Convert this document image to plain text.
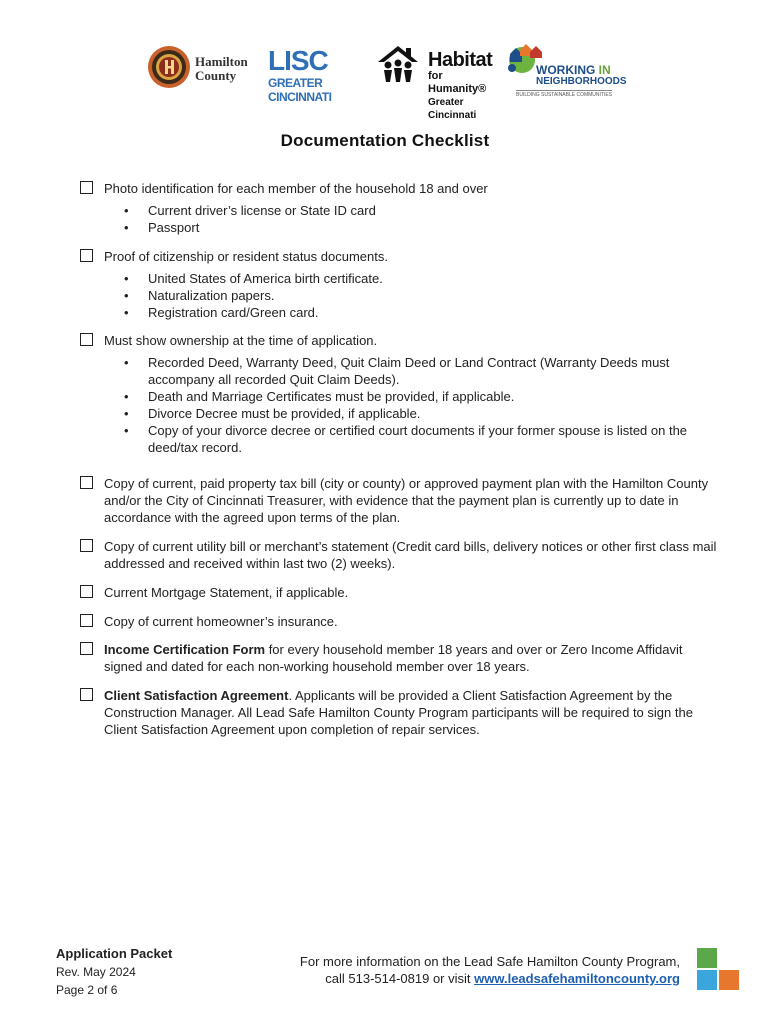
Hamilton
County	LISC
GREATER CINCINNATI
Habitat
for Humanity®
Greater Cincinnati
WORKING IN
NEIGHBORHOODS
BUILDING SUSTAINABLE COMMUNITIES
Documentation Checklist
Photo identification for each member of the household 18 and over
• Current driver’s license or State ID card
• Passport
Proof of citizenship or resident status documents.
• United States of America birth certificate.
• Naturalization papers.
• Registration card/Green card.
Must show ownership at the time of application.
• Recorded Deed, Warranty Deed, Quit Claim Deed or Land Contract (Warranty Deeds must accompany all recorded Quit Claim Deeds).
• Death and Marriage Certificates must be provided, if applicable.
• Divorce Decree must be provided, if applicable.
• Copy of your divorce decree or certified court documents if your former spouse is listed on the deed/tax record.
Copy of current, paid property tax bill (city or county) or approved payment plan with the Hamilton County and/or the City of Cincinnati Treasurer, with evidence that the payment plan is currently up to date in accordance with the agreed upon terms of the plan.
Copy of current utility bill or merchant’s statement (Credit card bills, delivery notices or other first class mail addressed and received within last two (2) weeks).
Current Mortgage Statement, if applicable.
Copy of current homeowner’s insurance.
Income Certification Form for every household member 18 years and over or Zero Income Affidavit signed and dated for each non-working household member over 18 years.
Client Satisfaction Agreement. Applicants will be provided a Client Satisfaction Agreement by the Construction Manager. All Lead Safe Hamilton County Program participants will be required to sign the Client Satisfaction Agreement upon completion of repair services.
Application Packet
Rev. May 2024
Page 2 of 6
For more information on the Lead Safe Hamilton County Program,
call 513-514-0819 or visit www.leadsafehamiltoncounty.org
